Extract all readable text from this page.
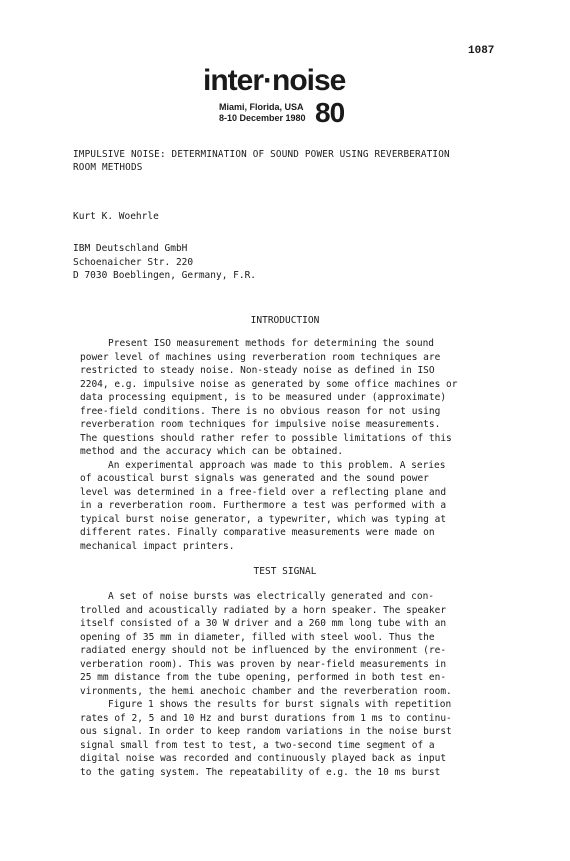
1087
inter·noise
Miami, Florida, USA
8-10 December 1980 80
IMPULSIVE NOISE: DETERMINATION OF SOUND POWER USING REVERBERATION
ROOM METHODS
Kurt K. Woehrle
IBM Deutschland GmbH
Schoenaicher Str. 220
D 7030 Boeblingen, Germany, F.R.
INTRODUCTION
Present ISO measurement methods for determining the sound
power level of machines using reverberation room techniques are
restricted to steady noise. Non-steady noise as defined in ISO
2204, e.g. impulsive noise as generated by some office machines or
data processing equipment, is to be measured under (approximate)
free-field conditions. There is no obvious reason for not using
reverberation room techniques for impulsive noise measurements.
The questions should rather refer to possible limitations of this
method and the accuracy which can be obtained.
An experimental approach was made to this problem. A series
of acoustical burst signals was generated and the sound power
level was determined in a free-field over a reflecting plane and
in a reverberation room. Furthermore a test was performed with a
typical burst noise generator, a typewriter, which was typing at
different rates. Finally comparative measurements were made on
mechanical impact printers.
TEST SIGNAL
A set of noise bursts was electrically generated and con-
trolled and acoustically radiated by a horn speaker. The speaker
itself consisted of a 30 W driver and a 260 mm long tube with an
opening of 35 mm in diameter, filled with steel wool. Thus the
radiated energy should not be influenced by the environment (re-
verberation room). This was proven by near-field measurements in
25 mm distance from the tube opening, performed in both test en-
vironments, the hemi anechoic chamber and the reverberation room.
Figure 1 shows the results for burst signals with repetition
rates of 2, 5 and 10 Hz and burst durations from 1 ms to continu-
ous signal. In order to keep random variations in the noise burst
signal small from test to test, a two-second time segment of a
digital noise was recorded and continuously played back as input
to the gating system. The repeatability of e.g. the 10 ms burst
